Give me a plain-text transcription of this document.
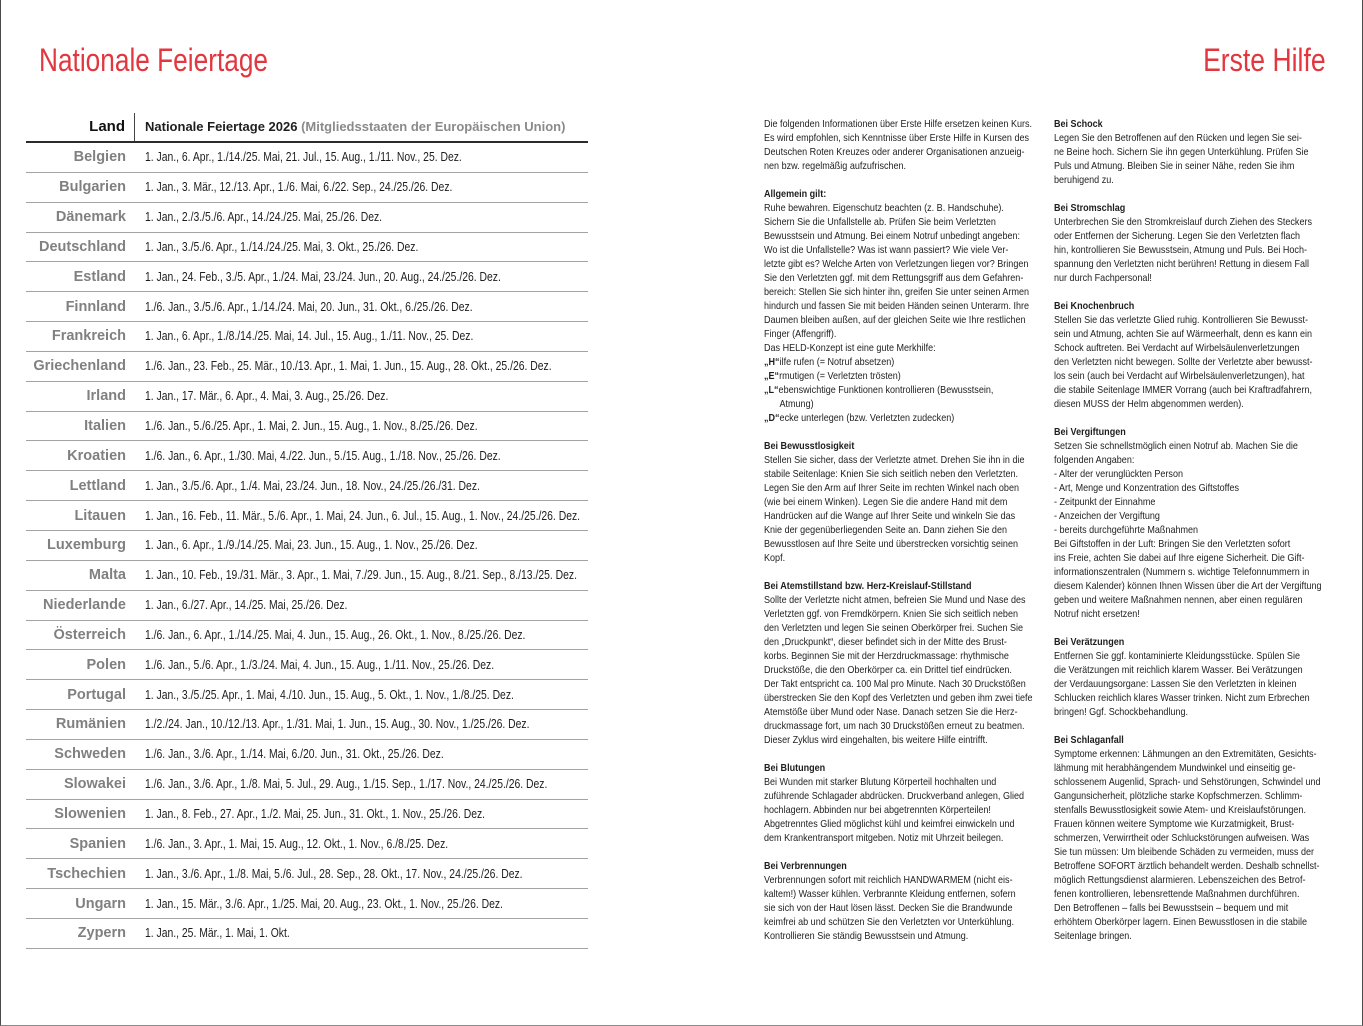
Nationale Feiertage
Land	Nationale Feiertage 2026 (Mitgliedsstaaten der Europäischen Union)
Belgien	1. Jan., 6. Apr., 1./14./25. Mai, 21. Jul., 15. Aug., 1./11. Nov., 25. Dez.
Bulgarien	1. Jan., 3. Mär., 12./13. Apr., 1./6. Mai, 6./22. Sep., 24./25./26. Dez.
Dänemark	1. Jan., 2./3./5./6. Apr., 14./24./25. Mai, 25./26. Dez.
Deutschland	1. Jan., 3./5./6. Apr., 1./14./24./25. Mai, 3. Okt., 25./26. Dez.
Estland	1. Jan., 24. Feb., 3./5. Apr., 1./24. Mai, 23./24. Jun., 20. Aug., 24./25./26. Dez.
Finnland	1./6. Jan., 3./5./6. Apr., 1./14./24. Mai, 20. Jun., 31. Okt., 6./25./26. Dez.
Frankreich	1. Jan., 6. Apr., 1./8./14./25. Mai, 14. Jul., 15. Aug., 1./11. Nov., 25. Dez.
Griechenland	1./6. Jan., 23. Feb., 25. Mär., 10./13. Apr., 1. Mai, 1. Jun., 15. Aug., 28. Okt., 25./26. Dez.
Irland	1. Jan., 17. Mär., 6. Apr., 4. Mai, 3. Aug., 25./26. Dez.
Italien	1./6. Jan., 5./6./25. Apr., 1. Mai, 2. Jun., 15. Aug., 1. Nov., 8./25./26. Dez.
Kroatien	1./6. Jan., 6. Apr., 1./30. Mai, 4./22. Jun., 5./15. Aug., 1./18. Nov., 25./26. Dez.
Lettland	1. Jan., 3./5./6. Apr., 1./4. Mai, 23./24. Jun., 18. Nov., 24./25./26./31. Dez.
Litauen	1. Jan., 16. Feb., 11. Mär., 5./6. Apr., 1. Mai, 24. Jun., 6. Jul., 15. Aug., 1. Nov., 24./25./26. Dez.
Luxemburg	1. Jan., 6. Apr., 1./9./14./25. Mai, 23. Jun., 15. Aug., 1. Nov., 25./26. Dez.
Malta	1. Jan., 10. Feb., 19./31. Mär., 3. Apr., 1. Mai, 7./29. Jun., 15. Aug., 8./21. Sep., 8./13./25. Dez.
Niederlande	1. Jan., 6./27. Apr., 14./25. Mai, 25./26. Dez.
Österreich	1./6. Jan., 6. Apr., 1./14./25. Mai, 4. Jun., 15. Aug., 26. Okt., 1. Nov., 8./25./26. Dez.
Polen	1./6. Jan., 5./6. Apr., 1./3./24. Mai, 4. Jun., 15. Aug., 1./11. Nov., 25./26. Dez.
Portugal	1. Jan., 3./5./25. Apr., 1. Mai, 4./10. Jun., 15. Aug., 5. Okt., 1. Nov., 1./8./25. Dez.
Rumänien	1./2./24. Jan., 10./12./13. Apr., 1./31. Mai, 1. Jun., 15. Aug., 30. Nov., 1./25./26. Dez.
Schweden	1./6. Jan., 3./6. Apr., 1./14. Mai, 6./20. Jun., 31. Okt., 25./26. Dez.
Slowakei	1./6. Jan., 3./6. Apr., 1./8. Mai, 5. Jul., 29. Aug., 1./15. Sep., 1./17. Nov., 24./25./26. Dez.
Slowenien	1. Jan., 8. Feb., 27. Apr., 1./2. Mai, 25. Jun., 31. Okt., 1. Nov., 25./26. Dez.
Spanien	1./6. Jan., 3. Apr., 1. Mai, 15. Aug., 12. Okt., 1. Nov., 6./8./25. Dez.
Tschechien	1. Jan., 3./6. Apr., 1./8. Mai, 5./6. Jul., 28. Sep., 28. Okt., 17. Nov., 24./25./26. Dez.
Ungarn	1. Jan., 15. Mär., 3./6. Apr., 1./25. Mai, 20. Aug., 23. Okt., 1. Nov., 25./26. Dez.
Zypern	1. Jan., 25. Mär., 1. Mai, 1. Okt.
Erste Hilfe
Die folgenden Informationen über Erste Hilfe ersetzen keinen Kurs.
Es wird empfohlen, sich Kenntnisse über Erste Hilfe in Kursen des
Deutschen Roten Kreuzes oder anderer Organisationen anzueig-
nen bzw. regelmäßig aufzufrischen.
Allgemein gilt:
Ruhe bewahren. Eigenschutz beachten (z. B. Handschuhe).
Sichern Sie die Unfallstelle ab. Prüfen Sie beim Verletzten
Bewusstsein und Atmung. Bei einem Notruf unbedingt angeben:
Wo ist die Unfallstelle? Was ist wann passiert? Wie viele Ver-
letzte gibt es? Welche Arten von Verletzungen liegen vor? Bringen
Sie den Verletzten ggf. mit dem Rettungsgriff aus dem Gefahren-
bereich: Stellen Sie sich hinter ihn, greifen Sie unter seinen Armen
hindurch und fassen Sie mit beiden Händen seinen Unterarm. Ihre
Daumen bleiben außen, auf der gleichen Seite wie Ihre restlichen
Finger (Affengriff).
Das HELD-Konzept ist eine gute Merkhilfe:
„H“ilfe rufen (= Notruf absetzen)
„E“rmutigen (= Verletzten trösten)
„L“ebenswichtige Funktionen kontrollieren (Bewusstsein,
Atmung)
„D“ecke unterlegen (bzw. Verletzten zudecken)
Bei Bewusstlosigkeit
Stellen Sie sicher, dass der Verletzte atmet. Drehen Sie ihn in die
stabile Seitenlage: Knien Sie sich seitlich neben den Verletzten.
Legen Sie den Arm auf Ihrer Seite im rechten Winkel nach oben
(wie bei einem Winken). Legen Sie die andere Hand mit dem
Handrücken auf die Wange auf Ihrer Seite und winkeln Sie das
Knie der gegenüberliegenden Seite an. Dann ziehen Sie den
Bewusstlosen auf Ihre Seite und überstrecken vorsichtig seinen
Kopf.
Bei Atemstillstand bzw. Herz-Kreislauf-Stillstand
Sollte der Verletzte nicht atmen, befreien Sie Mund und Nase des
Verletzten ggf. von Fremdkörpern. Knien Sie sich seitlich neben
den Verletzten und legen Sie seinen Oberkörper frei. Suchen Sie
den „Druckpunkt“, dieser befindet sich in der Mitte des Brust-
korbs. Beginnen Sie mit der Herzdruckmassage: rhythmische
Druckstöße, die den Oberkörper ca. ein Drittel tief eindrücken.
Der Takt entspricht ca. 100 Mal pro Minute. Nach 30 Druckstößen
überstrecken Sie den Kopf des Verletzten und geben ihm zwei tiefe
Atemstöße über Mund oder Nase. Danach setzen Sie die Herz-
druckmassage fort, um nach 30 Druckstößen erneut zu beatmen.
Dieser Zyklus wird eingehalten, bis weitere Hilfe eintrifft.
Bei Blutungen
Bei Wunden mit starker Blutung Körperteil hochhalten und
zuführende Schlagader abdrücken. Druckverband anlegen, Glied
hochlagern. Abbinden nur bei abgetrennten Körperteilen!
Abgetrenntes Glied möglichst kühl und keimfrei einwickeln und
dem Krankentransport mitgeben. Notiz mit Uhrzeit beilegen.
Bei Verbrennungen
Verbrennungen sofort mit reichlich HANDWARMEM (nicht eis-
kaltem!) Wasser kühlen. Verbrannte Kleidung entfernen, sofern
sie sich von der Haut lösen lässt. Decken Sie die Brandwunde
keimfrei ab und schützen Sie den Verletzten vor Unterkühlung.
Kontrollieren Sie ständig Bewusstsein und Atmung.
Bei Schock
Legen Sie den Betroffenen auf den Rücken und legen Sie sei-
ne Beine hoch. Sichern Sie ihn gegen Unterkühlung. Prüfen Sie
Puls und Atmung. Bleiben Sie in seiner Nähe, reden Sie ihm
beruhigend zu.
Bei Stromschlag
Unterbrechen Sie den Stromkreislauf durch Ziehen des Steckers
oder Entfernen der Sicherung. Legen Sie den Verletzten flach
hin, kontrollieren Sie Bewusstsein, Atmung und Puls. Bei Hoch-
spannung den Verletzten nicht berühren! Rettung in diesem Fall
nur durch Fachpersonal!
Bei Knochenbruch
Stellen Sie das verletzte Glied ruhig. Kontrollieren Sie Bewusst-
sein und Atmung, achten Sie auf Wärmeerhalt, denn es kann ein
Schock auftreten. Bei Verdacht auf Wirbelsäulenverletzungen
den Verletzten nicht bewegen. Sollte der Verletzte aber bewusst-
los sein (auch bei Verdacht auf Wirbelsäulenverletzungen), hat
die stabile Seitenlage IMMER Vorrang (auch bei Kraftradfahrern,
diesen MUSS der Helm abgenommen werden).
Bei Vergiftungen
Setzen Sie schnellstmöglich einen Notruf ab. Machen Sie die
folgenden Angaben:
- Alter der verunglückten Person
- Art, Menge und Konzentration des Giftstoffes
- Zeitpunkt der Einnahme
- Anzeichen der Vergiftung
- bereits durchgeführte Maßnahmen
Bei Giftstoffen in der Luft: Bringen Sie den Verletzten sofort
ins Freie, achten Sie dabei auf Ihre eigene Sicherheit. Die Gift-
informationszentralen (Nummern s. wichtige Telefonnummern in
diesem Kalender) können Ihnen Wissen über die Art der Vergiftung
geben und weitere Maßnahmen nennen, aber einen regulären
Notruf nicht ersetzen!
Bei Verätzungen
Entfernen Sie ggf. kontaminierte Kleidungsstücke. Spülen Sie
die Verätzungen mit reichlich klarem Wasser. Bei Verätzungen
der Verdauungsorgane: Lassen Sie den Verletzten in kleinen
Schlucken reichlich klares Wasser trinken. Nicht zum Erbrechen
bringen! Ggf. Schockbehandlung.
Bei Schlaganfall
Symptome erkennen: Lähmungen an den Extremitäten, Gesichts-
lähmung mit herabhängendem Mundwinkel und einseitig ge-
schlossenem Augenlid, Sprach- und Sehstörungen, Schwindel und
Gangunsicherheit, plötzliche starke Kopfschmerzen. Schlimm-
stenfalls Bewusstlosigkeit sowie Atem- und Kreislaufstörungen.
Frauen können weitere Symptome wie Kurzatmigkeit, Brust-
schmerzen, Verwirrtheit oder Schluckstörungen aufweisen. Was
Sie tun müssen: Um bleibende Schäden zu vermeiden, muss der
Betroffene SOFORT ärztlich behandelt werden. Deshalb schnellst-
möglich Rettungsdienst alarmieren. Lebenszeichen des Betrof-
fenen kontrollieren, lebensrettende Maßnahmen durchführen.
Den Betroffenen – falls bei Bewusstsein – bequem und mit
erhöhtem Oberkörper lagern. Einen Bewusstlosen in die stabile
Seitenlage bringen.
